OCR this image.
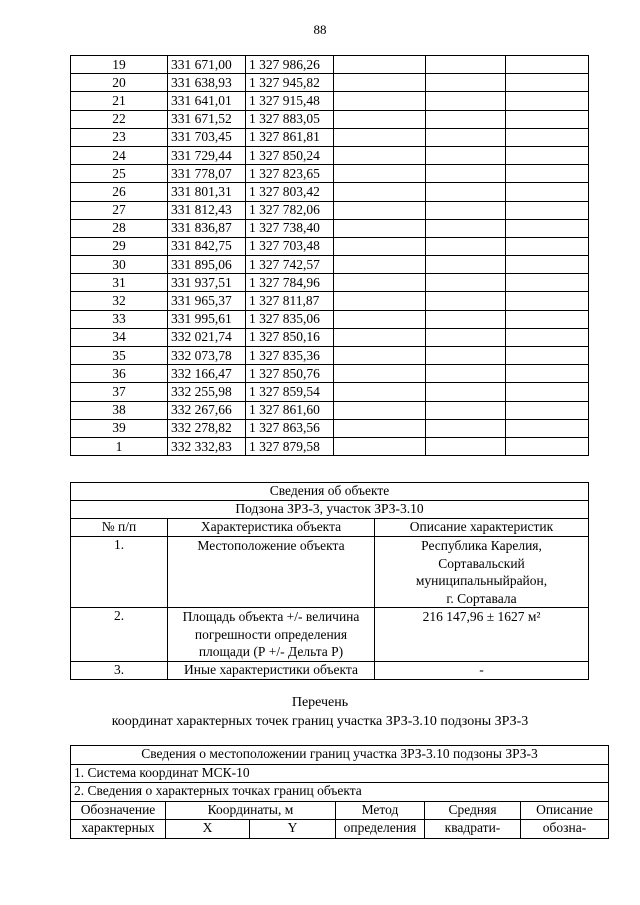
88
19	331 671,00	1 327 986,26			
20	331 638,93	1 327 945,82			
21	331 641,01	1 327 915,48			
22	331 671,52	1 327 883,05			
23	331 703,45	1 327 861,81			
24	331 729,44	1 327 850,24			
25	331 778,07	1 327 823,65			
26	331 801,31	1 327 803,42			
27	331 812,43	1 327 782,06			
28	331 836,87	1 327 738,40			
29	331 842,75	1 327 703,48			
30	331 895,06	1 327 742,57			
31	331 937,51	1 327 784,96			
32	331 965,37	1 327 811,87			
33	331 995,61	1 327 835,06			
34	332 021,74	1 327 850,16			
35	332 073,78	1 327 835,36			
36	332 166,47	1 327 850,76			
37	332 255,98	1 327 859,54			
38	332 267,66	1 327 861,60			
39	332 278,82	1 327 863,56			
1	332 332,83	1 327 879,58			
Сведения об объекте		
Подзона ЗРЗ-3, участок ЗРЗ-3.10		
№ п/п	Характеристика объекта	Описание характеристик
1.	Местоположение объекта	Республика Карелия,
Сортавальский
муниципальныйрайон,
г. Сортавала

2.	Площадь объекта +/- величина
погрешности определения
площади (Р +/- Дельта Р)	216 147,96 ± 1627 м²

3.	Иные характеристики объекта	-
Перечень
координат характерных точек границ участка ЗРЗ-3.10 подзоны ЗРЗ-3
Сведения о местоположении границ участка ЗРЗ-3.10 подзоны ЗРЗ-3					
1. Система координат МСК-10					
2. Сведения о характерных точках границ объекта					
Обозначение	Координаты, м		Метод	Средняя	Описание
характерных	X	Y	определения	квадрати-	обозна-
